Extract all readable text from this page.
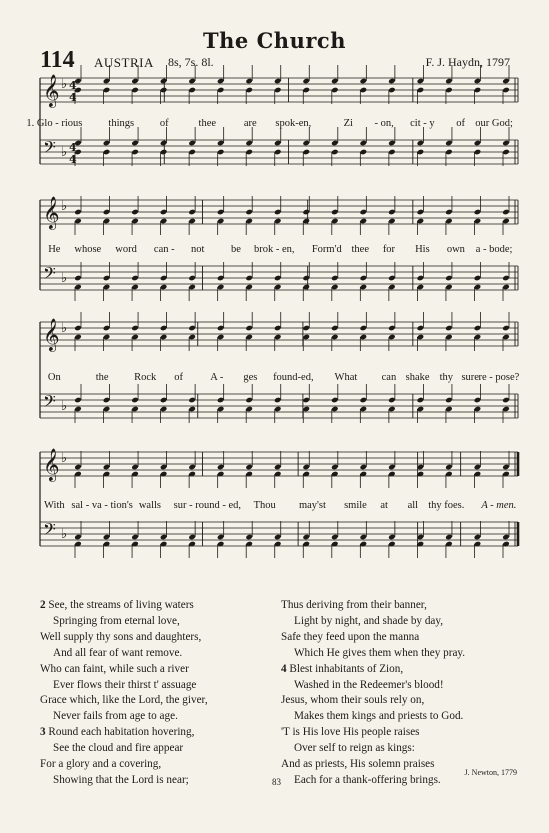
The Church
114 AUSTRIA 8s, 7s. 8l.	F. J. Haydn, 1797
𝄞 ♭
𝄢 ♭
4
4
4
4
1. Glo - rious things of	thee	are spok-en,	Zi - on, cit - y of our God;
𝄞 ♭
𝄢 ♭
He whose word can - not	be brok - en, Form'd thee for His own a - bode;
𝄞 ♭
𝄢 ♭
On	the Rock of	A - ges found-ed, What can shake thy sure re - pose?
𝄞 ♭
𝄢 ♭
With sal - va - tion's walls sur - round - ed, Thou may'st smile at all thy foes. A - men.
2 See, the streams of living waters
Springing from eternal love,
Well supply thy sons and daughters,
And all fear of want remove.
Who can faint, while such a river
Ever flows their thirst t' assuage
Grace which, like the Lord, the giver,
Never fails from age to age.
3 Round each habitation hovering,
See the cloud and fire appear
For a glory and a covering,
Showing that the Lord is near;
Thus deriving from their banner,
Light by night, and shade by day,
Safe they feed upon the manna
Which He gives them when they pray.
4 Blest inhabitants of Zion,
Washed in the Redeemer's blood!
Jesus, whom their souls rely on,
Makes them kings and priests to God.
'T is His love His people raises
Over self to reign as kings:
And as priests, His solemn praises
Each for a thank-offering brings.
J. Newton, 1779
83
